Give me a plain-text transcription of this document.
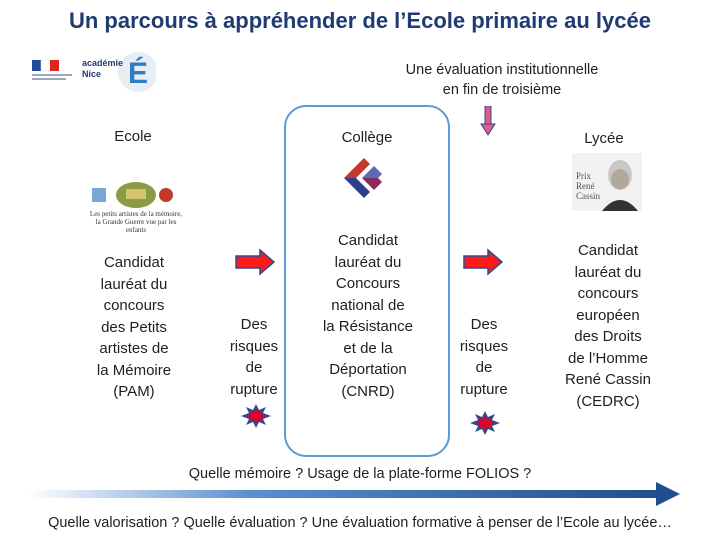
Un parcours à appréhender de l’Ecole primaire au lycée
É
académie
Nice	Une évaluation institutionnelle
en fin de troisième
Ecole	Lycée
Collège
Les petits artistes de la mémoire,
la Grande Guerre vue par les enfants
Candidat
lauréat du
concours
des Petits
artistes de
la Mémoire
(PAM)
Candidat
lauréat du
Concours
national de
la Résistance
et de la
Déportation
(CNRD)
Prix René Cassin
Candidat
lauréat du
concours
européen
des Droits
de l’Homme
René Cassin
(CEDRC)
Des
risques
de
rupture
Des
risques
de
rupture
Quelle mémoire ? Usage de la plate-forme FOLIOS ?
Quelle valorisation ? Quelle évaluation ? Une évaluation formative à penser de l’Ecole au lycée…
